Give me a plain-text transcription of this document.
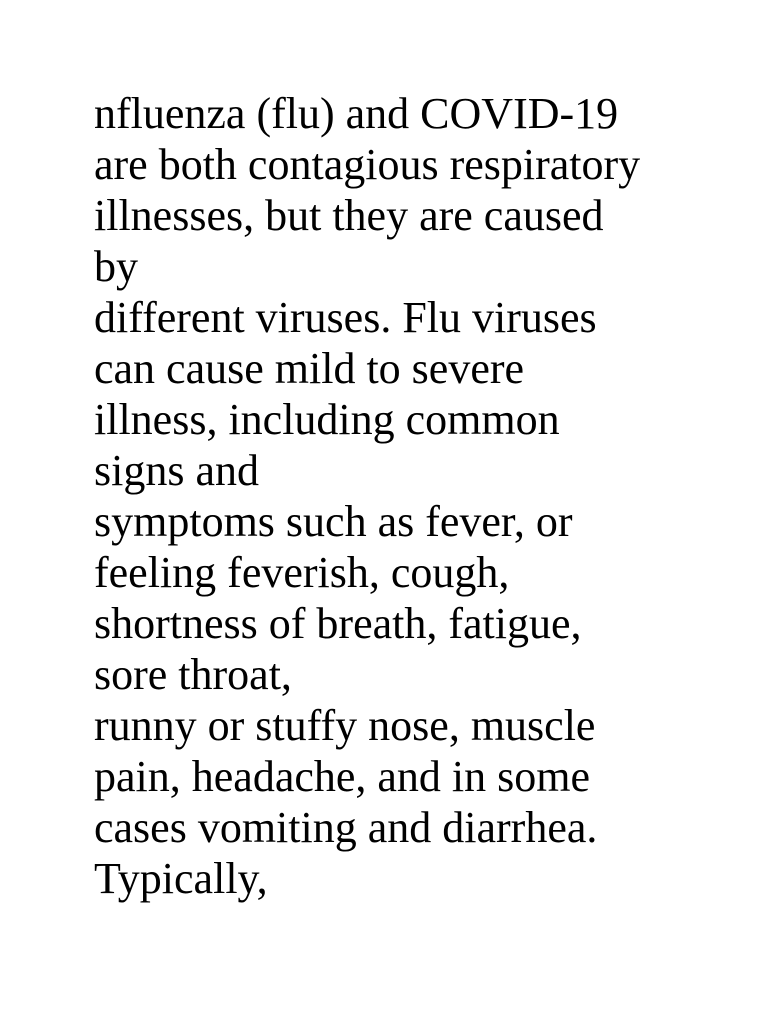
nfluenza (flu) and COVID-19
are both contagious respiratory
illnesses, but they are caused
by
different viruses. Flu viruses
can cause mild to severe
illness, including common
signs and
symptoms such as fever, or
feeling feverish, cough,
shortness of breath, fatigue,
sore throat,
runny or stuffy nose, muscle
pain, headache, and in some
cases vomiting and diarrhea.
Typically,
